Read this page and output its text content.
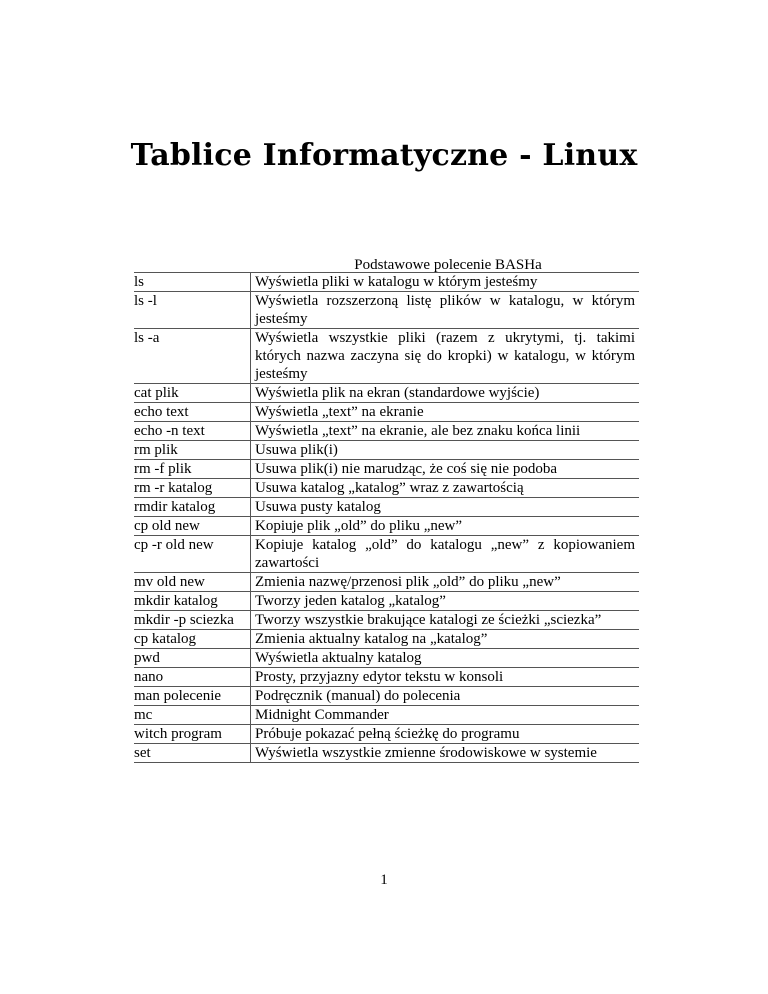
Tablice Informatyczne - Linux
Podstawowe polecenie BASHa
ls	Wyświetla pliki w katalogu w którym jesteśmy
ls -l	Wyświetla rozszerzoną listę plików w katalogu, w którym jesteśmy
ls -a	Wyświetla wszystkie pliki (razem z ukrytymi, tj. takimi których nazwa zaczyna się do kropki) w katalogu, w którym jesteśmy
cat plik	Wyświetla plik na ekran (standardowe wyjście)
echo text	Wyświetla „text” na ekranie
echo -n text	Wyświetla „text” na ekranie, ale bez znaku końca linii
rm plik	Usuwa plik(i)
rm -f plik	Usuwa plik(i) nie marudząc, że coś się nie podoba
rm -r katalog	Usuwa katalog „katalog” wraz z zawartością
rmdir katalog	Usuwa pusty katalog
cp old new	Kopiuje plik „old” do pliku „new”
cp -r old new	Kopiuje katalog „old” do katalogu „new” z kopiowaniem zawartości
mv old new	Zmienia nazwę/przenosi plik „old” do pliku „new”
mkdir katalog	Tworzy jeden katalog „katalog”
mkdir -p sciezka	Tworzy wszystkie brakujące katalogi ze ścieżki „sciezka”
cp katalog	Zmienia aktualny katalog na „katalog”
pwd	Wyświetla aktualny katalog
nano	Prosty, przyjazny edytor tekstu w konsoli
man polecenie	Podręcznik (manual) do polecenia
mc	Midnight Commander
witch program	Próbuje pokazać pełną ścieżkę do programu
set	Wyświetla wszystkie zmienne środowiskowe w systemie
1
